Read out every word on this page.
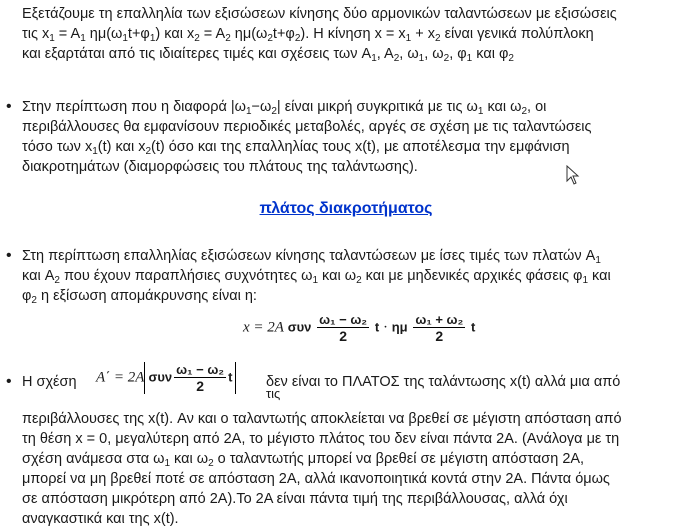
Εξετάζουμε τη επαλληλία των εξισώσεων κίνησης δύο αρμονικών ταλαντώσεων με εξισώσεις
τις $x_1 = A_1$ $\eta\mu(\omega_1t+\varphi_1)$ και $x_2 = A_2$ $\eta\mu(\omega_2t+\varphi_2)$. Η κίνηση $x = x_1 + x_2$ είναι γενικά πολύπλοκη
και εξαρτάται από τις ιδιαίτερες τιμές και σχέσεις των $A_1$, $A_2$, $\omega_1$, $\omega_2$, $\varphi_1$ και $\varphi_2$
• Στην περίπτωση που η διαφορά $|\omega_1-\omega_2|$ είναι μικρή συγκριτικά με τις $\omega_1$ και $\omega_2$, οι
περιβάλλουσες θα εμφανίσουν περιοδικές μεταβολές, αργές σε σχέση με τις ταλαντώσεις
τόσο των $x_1(t)$ και $x_2(t)$ όσο και της επαλληλίας τους x(t), με αποτέλεσμα την εμφάνιση
διακροτημάτων (διαμορφώσεις του πλάτους της ταλάντωσης).
πλάτος διακροτήματος
• Στη περίπτωση επαλληλίας εξισώσεων κίνησης ταλαντώσεων με ίσες τιμές των πλατών $A_1$
και $A_2$ που έχουν παραπλήσιες συχνότητες $\omega_1$ και $\omega_2$ και με μηδενικές αρχικές φάσεις $\varphi_1$ και
$\varphi_2$ η εξίσωση απομάκρυνσης είναι η:
x = 2A συν $\frac{\text{ω₁ − ω₂}}{2}$ t · ημ $\frac{\text{ω₁ + ω₂}}{2}$ t
• Η σχέση A΄ = 2A συν $\frac{\text{ω₁ − ω₂}}{2}$ t δεν είναι το ΠΛΑΤΟΣ της ταλάντωσης x(t) αλλά μια από
τις
περιβάλλουσες της x(t). Αν και ο ταλαντωτής αποκλείεται να βρεθεί σε μέγιστη απόσταση από
τη θέση x = 0, μεγαλύτερη από 2A, το μέγιστο πλάτος του δεν είναι πάντα 2A. (Ανάλογα με τη
σχέση ανάμεσα στα $\omega_1$ και $\omega_2$ ο ταλαντωτής μπορεί να βρεθεί σε μέγιστη απόσταση 2A,
μπορεί να μη βρεθεί ποτέ σε απόσταση 2A, αλλά ικανοποιητικά κοντά στην 2A. Πάντα όμως
σε απόσταση μικρότερη από 2A).Το 2A είναι πάντα τιμή της περιβάλλουσας, αλλά όχι
αναγκαστικά και της x(t).
